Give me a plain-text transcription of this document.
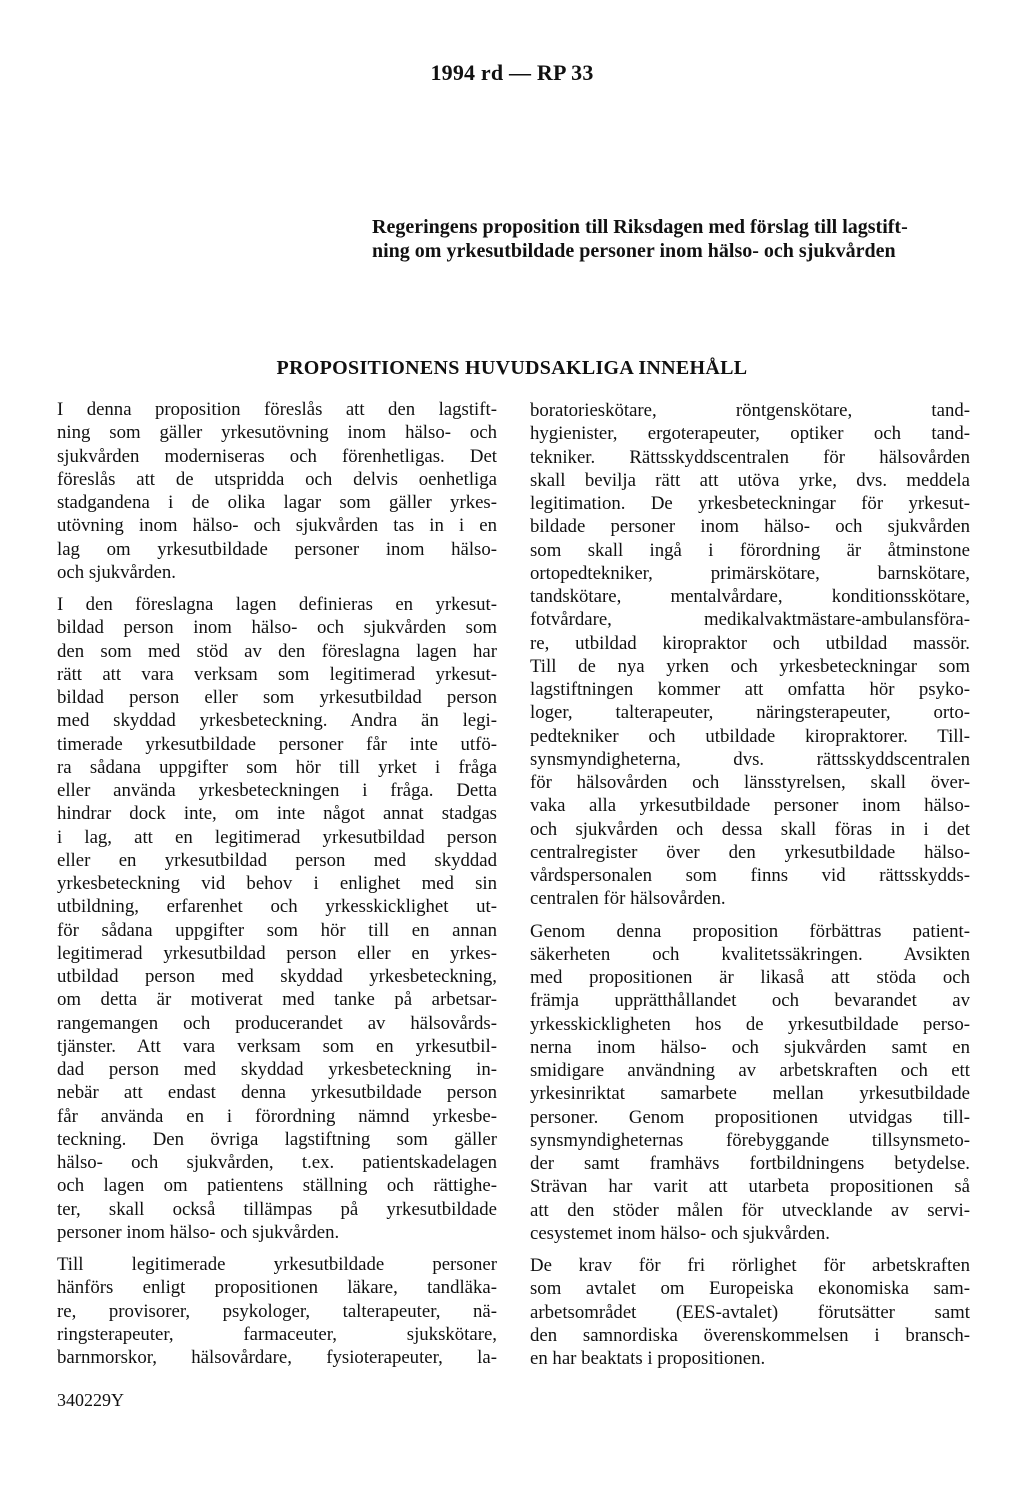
1994 rd — RP 33
Regeringens proposition till Riksdagen med förslag till lagstift-
ning om yrkesutbildade personer inom hälso- och sjukvården
PROPOSITIONENS HUVUDSAKLIGA INNEHÅLL
I denna proposition föreslås att den lagstift-
ning som gäller yrkesutövning inom hälso- och
sjukvården moderniseras och förenhetligas. Det
föreslås att de utspridda och delvis oenhetliga
stadgandena i de olika lagar som gäller yrkes-
utövning inom hälso- och sjukvården tas in i en
lag om yrkesutbildade personer inom hälso-
och sjukvården.
I den föreslagna lagen definieras en yrkesut-
bildad person inom hälso- och sjukvården som
den som med stöd av den föreslagna lagen har
rätt att vara verksam som legitimerad yrkesut-
bildad person eller som yrkesutbildad person
med skyddad yrkesbeteckning. Andra än legi-
timerade yrkesutbildade personer får inte utfö-
ra sådana uppgifter som hör till yrket i fråga
eller använda yrkesbeteckningen i fråga. Detta
hindrar dock inte, om inte något annat stadgas
i lag, att en legitimerad yrkesutbildad person
eller en yrkesutbildad person med skyddad
yrkesbeteckning vid behov i enlighet med sin
utbildning, erfarenhet och yrkesskicklighet ut-
för sådana uppgifter som hör till en annan
legitimerad yrkesutbildad person eller en yrkes-
utbildad person med skyddad yrkesbeteckning,
om detta är motiverat med tanke på arbetsar-
rangemangen och producerandet av hälsovårds-
tjänster. Att vara verksam som en yrkesutbil-
dad person med skyddad yrkesbeteckning in-
nebär att endast denna yrkesutbildade person
får använda en i förordning nämnd yrkesbe-
teckning. Den övriga lagstiftning som gäller
hälso- och sjukvården, t.ex. patientskadelagen
och lagen om patientens ställning och rättighe-
ter, skall också tillämpas på yrkesutbildade
personer inom hälso- och sjukvården.
Till legitimerade yrkesutbildade personer
hänförs enligt propositionen läkare, tandläka-
re, provisorer, psykologer, talterapeuter, nä-
ringsterapeuter, farmaceuter, sjukskötare,
barnmorskor, hälsovårdare, fysioterapeuter, la-
boratorieskötare, röntgenskötare, tand-
hygienister, ergoterapeuter, optiker och tand-
tekniker. Rättsskyddscentralen för hälsovården
skall bevilja rätt att utöva yrke, dvs. meddela
legitimation. De yrkesbeteckningar för yrkesut-
bildade personer inom hälso- och sjukvården
som skall ingå i förordning är åtminstone
ortopedtekniker, primärskötare, barnskötare,
tandskötare, mentalvårdare, konditionsskötare,
fotvårdare, medikalvaktmästare-ambulansföra-
re, utbildad kiropraktor och utbildad massör.
Till de nya yrken och yrkesbeteckningar som
lagstiftningen kommer att omfatta hör psyko-
loger, talterapeuter, näringsterapeuter, orto-
pedtekniker och utbildade kiropraktorer. Till-
synsmyndigheterna, dvs. rättsskyddscentralen
för hälsovården och länsstyrelsen, skall över-
vaka alla yrkesutbildade personer inom hälso-
och sjukvården och dessa skall föras in i det
centralregister över den yrkesutbildade hälso-
vårdspersonalen som finns vid rättsskydds-
centralen för hälsovården.
Genom denna proposition förbättras patient-
säkerheten och kvalitetssäkringen. Avsikten
med propositionen är likaså att stöda och
främja upprätthållandet och bevarandet av
yrkesskickligheten hos de yrkesutbildade perso-
nerna inom hälso- och sjukvården samt en
smidigare användning av arbetskraften och ett
yrkesinriktat samarbete mellan yrkesutbildade
personer. Genom propositionen utvidgas till-
synsmyndigheternas förebyggande tillsynsmeto-
der samt framhävs fortbildningens betydelse.
Strävan har varit att utarbeta propositionen så
att den stöder målen för utvecklande av servi-
cesystemet inom hälso- och sjukvården.
De krav för fri rörlighet för arbetskraften
som avtalet om Europeiska ekonomiska sam-
arbetsområdet (EES-avtalet) förutsätter samt
den samnordiska överenskommelsen i bransch-
en har beaktats i propositionen.
340229Y
